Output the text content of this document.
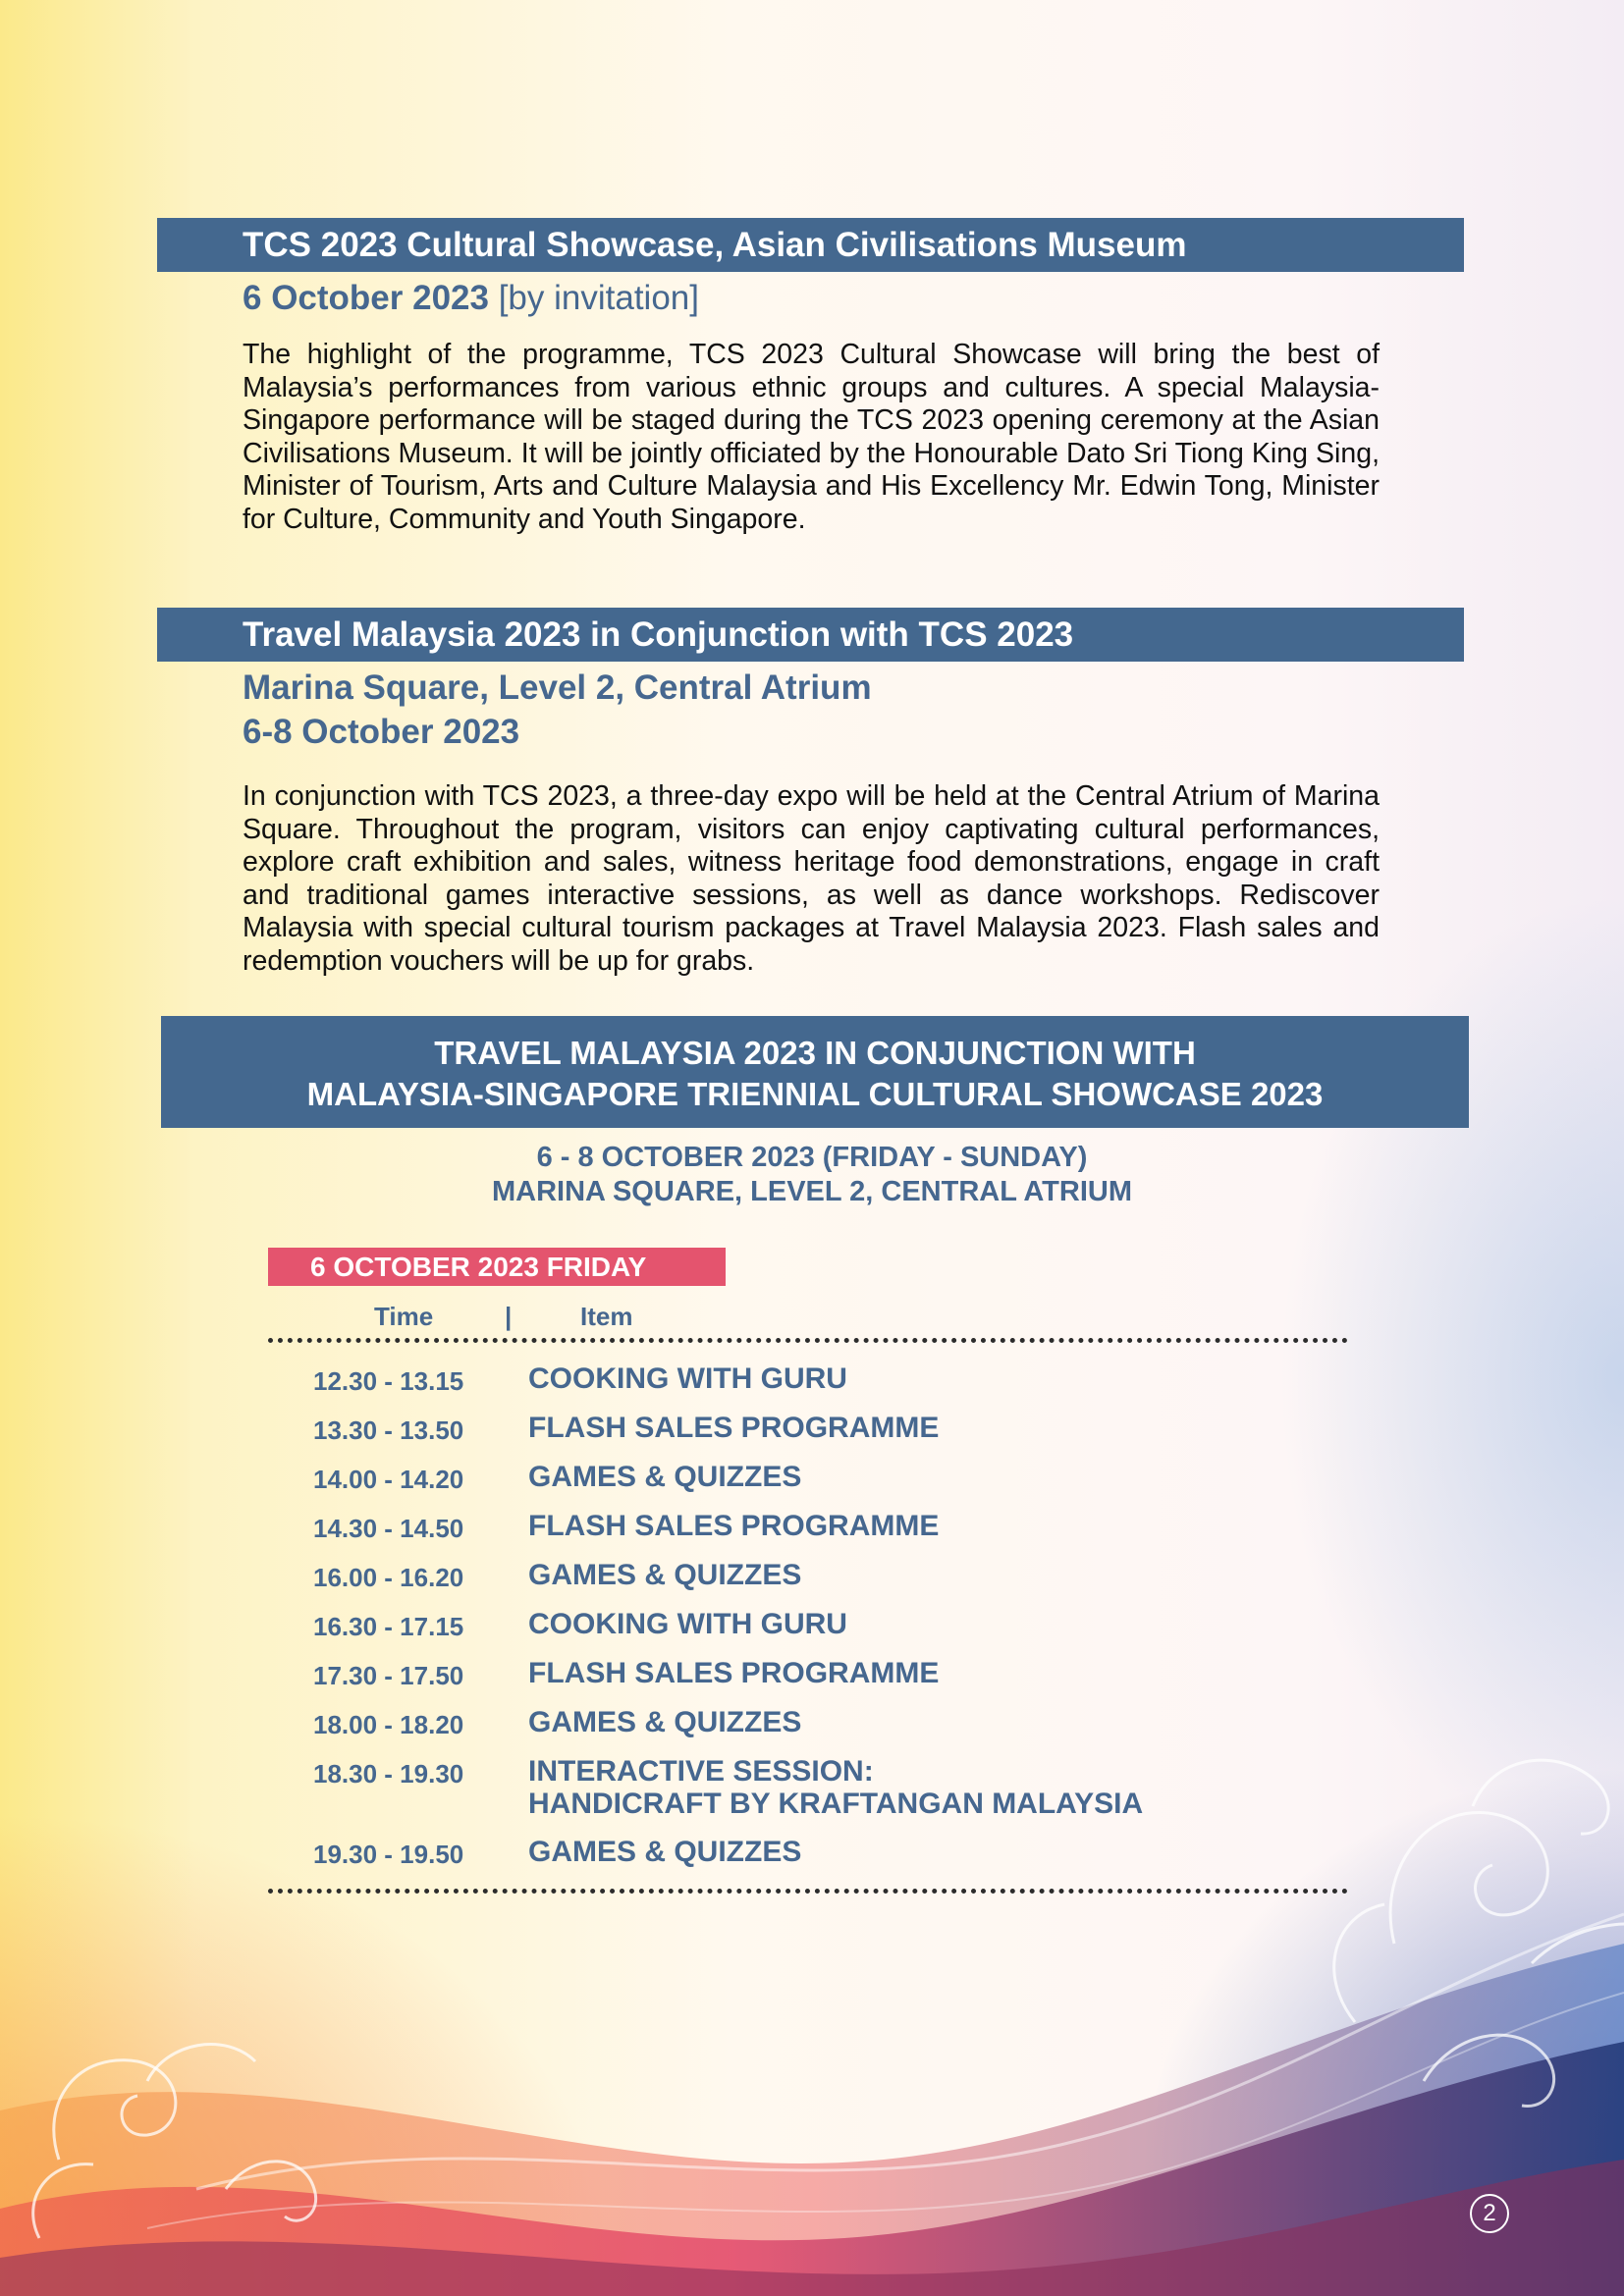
TCS 2023 Cultural Showcase, Asian Civilisations Museum
6 October 2023 [by invitation]

The highlight of the programme, TCS 2023 Cultural Showcase will bring the best of Malaysia’s performances from various ethnic groups and cultures. A special Malaysia-Singapore performance will be staged during the TCS 2023 opening ceremony at the Asian Civilisations Museum. It will be jointly officiated by the Honourable Dato Sri Tiong King Sing, Minister of Tourism, Arts and Culture Malaysia and His Excellency Mr. Edwin Tong, Minister for Culture, Community and Youth Singapore.

Travel Malaysia 2023 in Conjunction with TCS 2023
Marina Square, Level 2, Central Atrium
6-8 October 2023

In conjunction with TCS 2023, a three-day expo will be held at the Central Atrium of Marina Square. Throughout the program, visitors can enjoy captivating cultural performances, explore craft exhibition and sales, witness heritage food demonstrations, engage in craft and traditional games interactive sessions, as well as dance workshops. Rediscover Malaysia with special cultural tourism packages at Travel Malaysia 2023. Flash sales and redemption vouchers will be up for grabs.

TRAVEL MALAYSIA 2023 IN CONJUNCTION WITH
MALAYSIA-SINGAPORE TRIENNIAL CULTURAL SHOWCASE 2023
6 - 8 OCTOBER 2023 (FRIDAY - SUNDAY)
MARINA SQUARE, LEVEL 2, CENTRAL ATRIUM
6 OCTOBER 2023 FRIDAY
Time	|	Item
12.30 - 13.15 COOKING WITH GURU
13.30 - 13.50 FLASH SALES PROGRAMME
14.00 - 14.20 GAMES & QUIZZES
14.30 - 14.50 FLASH SALES PROGRAMME
16.00 - 16.20 GAMES & QUIZZES
16.30 - 17.15 COOKING WITH GURU
17.30 - 17.50 FLASH SALES PROGRAMME
18.00 - 18.20 GAMES & QUIZZES
18.30 - 19.30 INTERACTIVE SESSION:
HANDICRAFT BY KRAFTANGAN MALAYSIA
19.30 - 19.50 GAMES & QUIZZES
2
